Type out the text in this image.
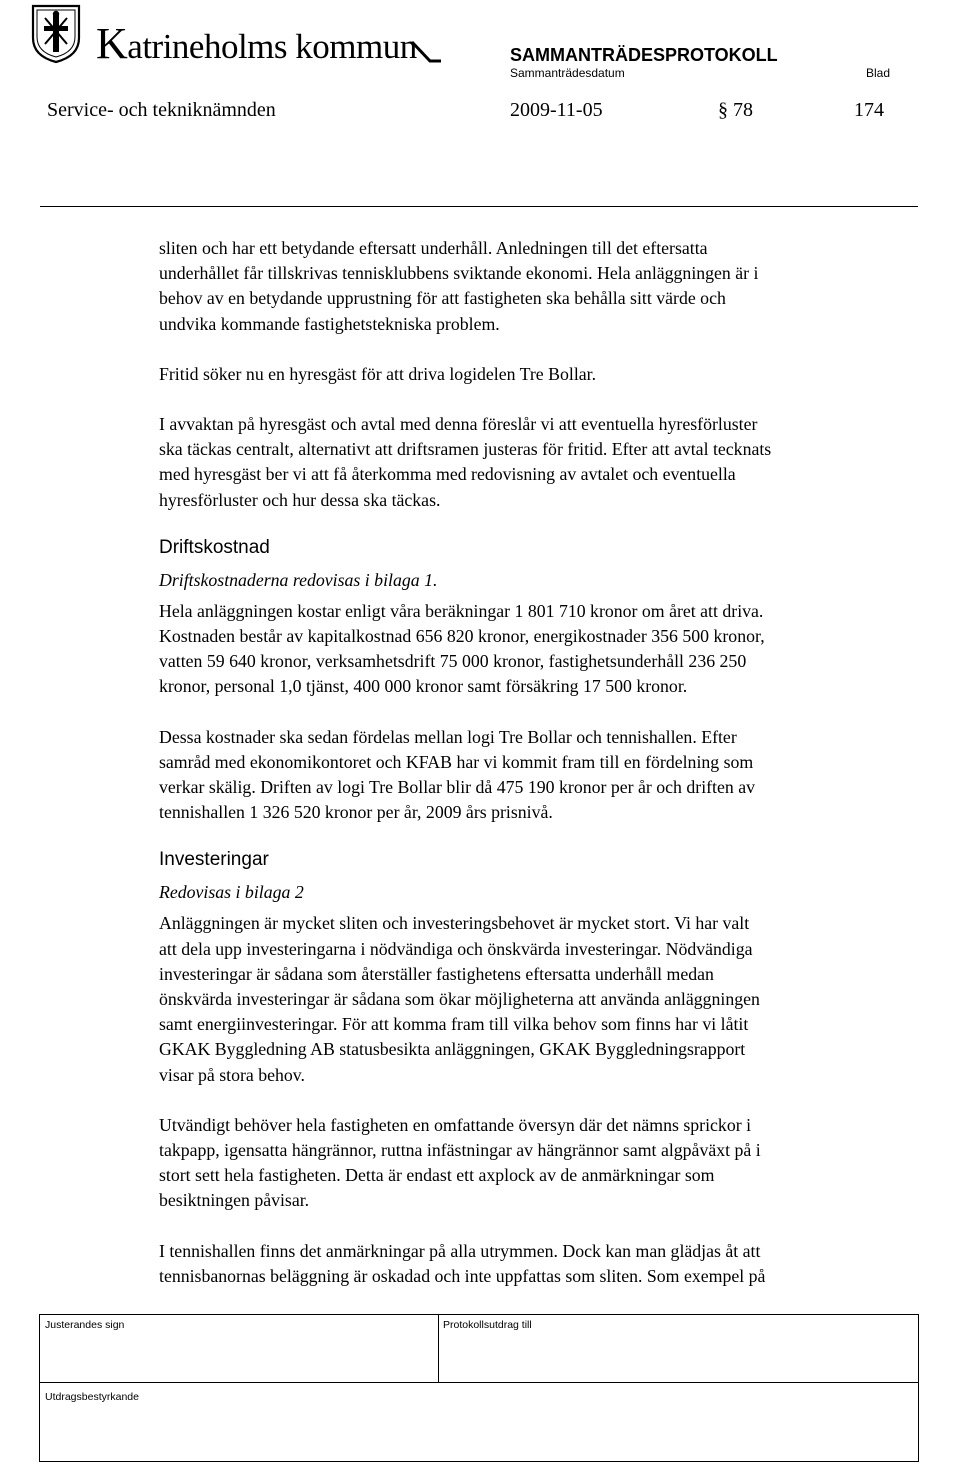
Katrineholms kommun	SAMMANTRÄDESPROTOKOLL
Sammanträdesdatum	Blad
Service- och tekniknämnden	2009-11-05	§ 78	174

sliten och har ett betydande eftersatt underhåll. Anledningen till det eftersatta

underhållet får tillskrivas tennisklubbens sviktande ekonomi. Hela anläggningen är i

behov av en betydande upprustning för att fastigheten ska behålla sitt värde och

undvika kommande fastighetstekniska problem.

Fritid söker nu en hyresgäst för att driva logidelen Tre Bollar.

I avvaktan på hyresgäst och avtal med denna föreslår vi att eventuella hyresförluster

ska täckas centralt, alternativt att driftsramen justeras för fritid. Efter att avtal tecknats

med hyresgäst ber vi att få återkomma med redovisning av avtalet och eventuella

hyresförluster och hur dessa ska täckas.

Driftskostnad
Driftskostnaderna redovisas i bilaga 1.

Hela anläggningen kostar enligt våra beräkningar 1 801 710 kronor om året att driva.

Kostnaden består av kapitalkostnad 656 820 kronor, energikostnader 356 500 kronor,

vatten 59 640 kronor, verksamhetsdrift 75 000 kronor, fastighetsunderhåll 236 250

kronor, personal 1,0 tjänst, 400 000 kronor samt försäkring 17 500 kronor.

Dessa kostnader ska sedan fördelas mellan logi Tre Bollar och tennishallen. Efter

samråd med ekonomikontoret och KFAB har vi kommit fram till en fördelning som

verkar skälig. Driften av logi Tre Bollar blir då 475 190 kronor per år och driften av

tennishallen 1 326 520 kronor per år, 2009 års prisnivå.

Investeringar
Redovisas i bilaga 2

Anläggningen är mycket sliten och investeringsbehovet är mycket stort. Vi har valt

att dela upp investeringarna i nödvändiga och önskvärda investeringar. Nödvändiga

investeringar är sådana som återställer fastighetens eftersatta underhåll medan

önskvärda investeringar är sådana som ökar möjligheterna att använda anläggningen

samt energiinvesteringar. För att komma fram till vilka behov som finns har vi låtit

GKAK Byggledning AB statusbesikta anläggningen, GKAK Byggledningsrapport

visar på stora behov.

Utvändigt behöver hela fastigheten en omfattande översyn där det nämns sprickor i

takpapp, igensatta hängrännor, ruttna infästningar av hängrännor samt algpåväxt på i

stort sett hela fastigheten. Detta är endast ett axplock av de anmärkningar som

besiktningen påvisar.

I tennishallen finns det anmärkningar på alla utrymmen. Dock kan man glädjas åt att

tennisbanornas beläggning är oskadad och inte uppfattas som sliten. Som exempel på

Justerandes sign	Protokollsutdrag till
Utdragsbestyrkande
